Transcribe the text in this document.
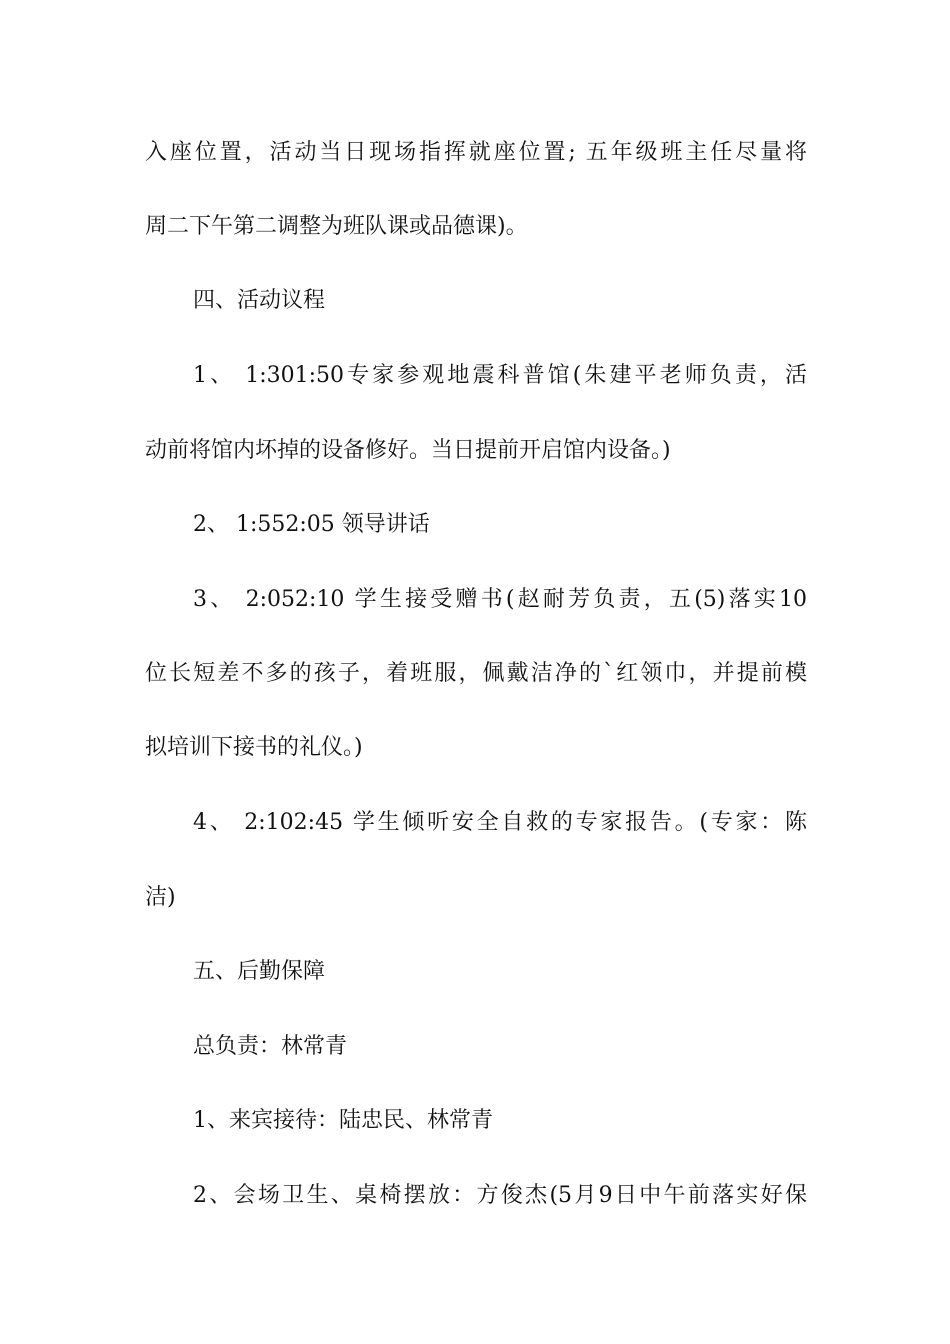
入座位置，活动当日现场指挥就座位置; 五年级班主任尽量将
周二下午第二调整为班队课或品德课)。
四、活动议程
1、 1:301:50专家参观地震科普馆(朱建平老师负责，活
动前将馆内坏掉的设备修好。当日提前开启馆内设备。)
2、 1:552:05 领导讲话
3、 2:052:10 学生接受赠书(赵耐芳负责，五(5)落实10
位长短差不多的孩子，着班服，佩戴洁净的`红领巾，并提前模
拟培训下接书的礼仪。)
4、 2:102:45 学生倾听安全自救的专家报告。(专家：陈
洁)
五、后勤保障
总负责：林常青
1、来宾接待：陆忠民、林常青
2、会场卫生、桌椅摆放：方俊杰(5月9日中午前落实好保
